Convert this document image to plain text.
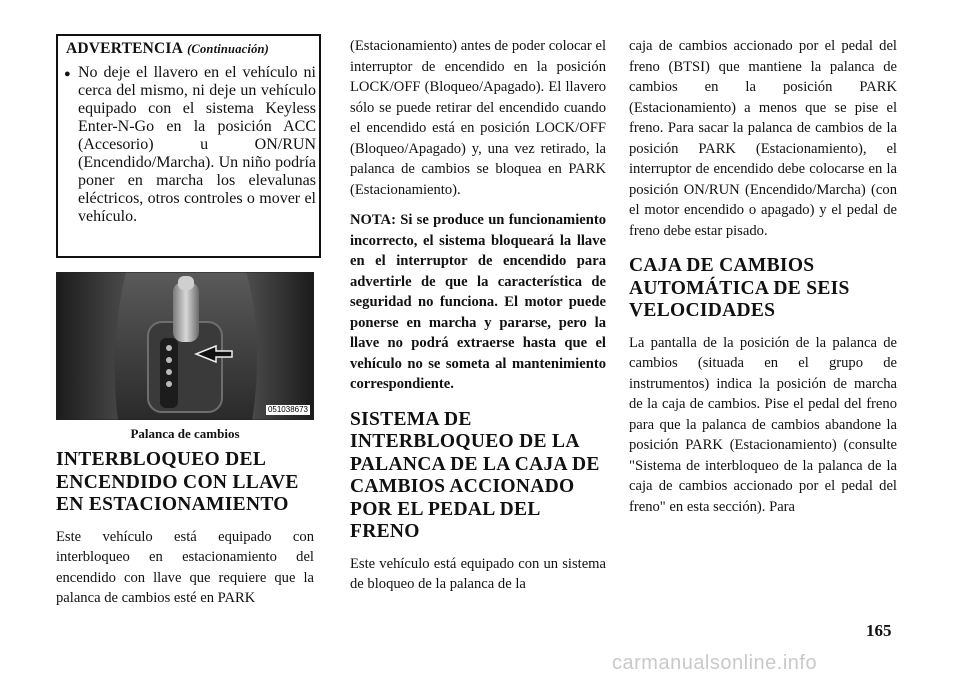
ADVERTENCIA (Continuación)
● No deje el llavero en el vehículo ni cerca del mismo, ni deje un vehículo equipado con el sistema Keyless Enter-N-Go en la posición ACC (Accesorio) u ON/RUN (Encendido/Marcha). Un niño podría poner en marcha los elevalunas eléctricos, otros controles o mover el vehículo.
051038673
Palanca de cambios
INTERBLOQUEO DEL ENCENDIDO CON LLAVE EN ESTACIONAMIENTO

Este vehículo está equipado con interbloqueo en estacionamiento del encendido con llave que requiere que la palanca de cambios esté en PARK

(Estacionamiento) antes de poder colocar el interruptor de encendido en la posición LOCK/OFF (Bloqueo/Apagado). El llavero sólo se puede retirar del encendido cuando el encendido está en posición LOCK/OFF (Bloqueo/Apagado) y, una vez retirado, la palanca de cambios se bloquea en PARK (Estacionamiento).

NOTA: Si se produce un funcionamiento incorrecto, el sistema bloqueará la llave en el interruptor de encendido para advertirle de que la característica de seguridad no funciona. El motor puede ponerse en marcha y pararse, pero la llave no podrá extraerse hasta que el vehículo no se someta al mantenimiento correspondiente.

SISTEMA DE INTERBLOQUEO DE LA PALANCA DE LA CAJA DE CAMBIOS ACCIONADO POR EL PEDAL DEL FRENO

Este vehículo está equipado con un sistema de bloqueo de la palanca de la

caja de cambios accionado por el pedal del freno (BTSI) que mantiene la palanca de cambios en la posición PARK (Estacionamiento) a menos que se pise el freno. Para sacar la palanca de cambios de la posición PARK (Estacionamiento), el interruptor de encendido debe colocarse en la posición ON/RUN (Encendido/Marcha) (con el motor encendido o apagado) y el pedal de freno debe estar pisado.

CAJA DE CAMBIOS AUTOMÁTICA DE SEIS VELOCIDADES

La pantalla de la posición de la palanca de cambios (situada en el grupo de instrumentos) indica la posición de marcha de la caja de cambios. Pise el pedal del freno para que la palanca de cambios abandone la posición PARK (Estacionamiento) (consulte "Sistema de interbloqueo de la palanca de la caja de cambios accionado por el pedal del freno" en esta sección). Para

165
carmanualsonline.info
